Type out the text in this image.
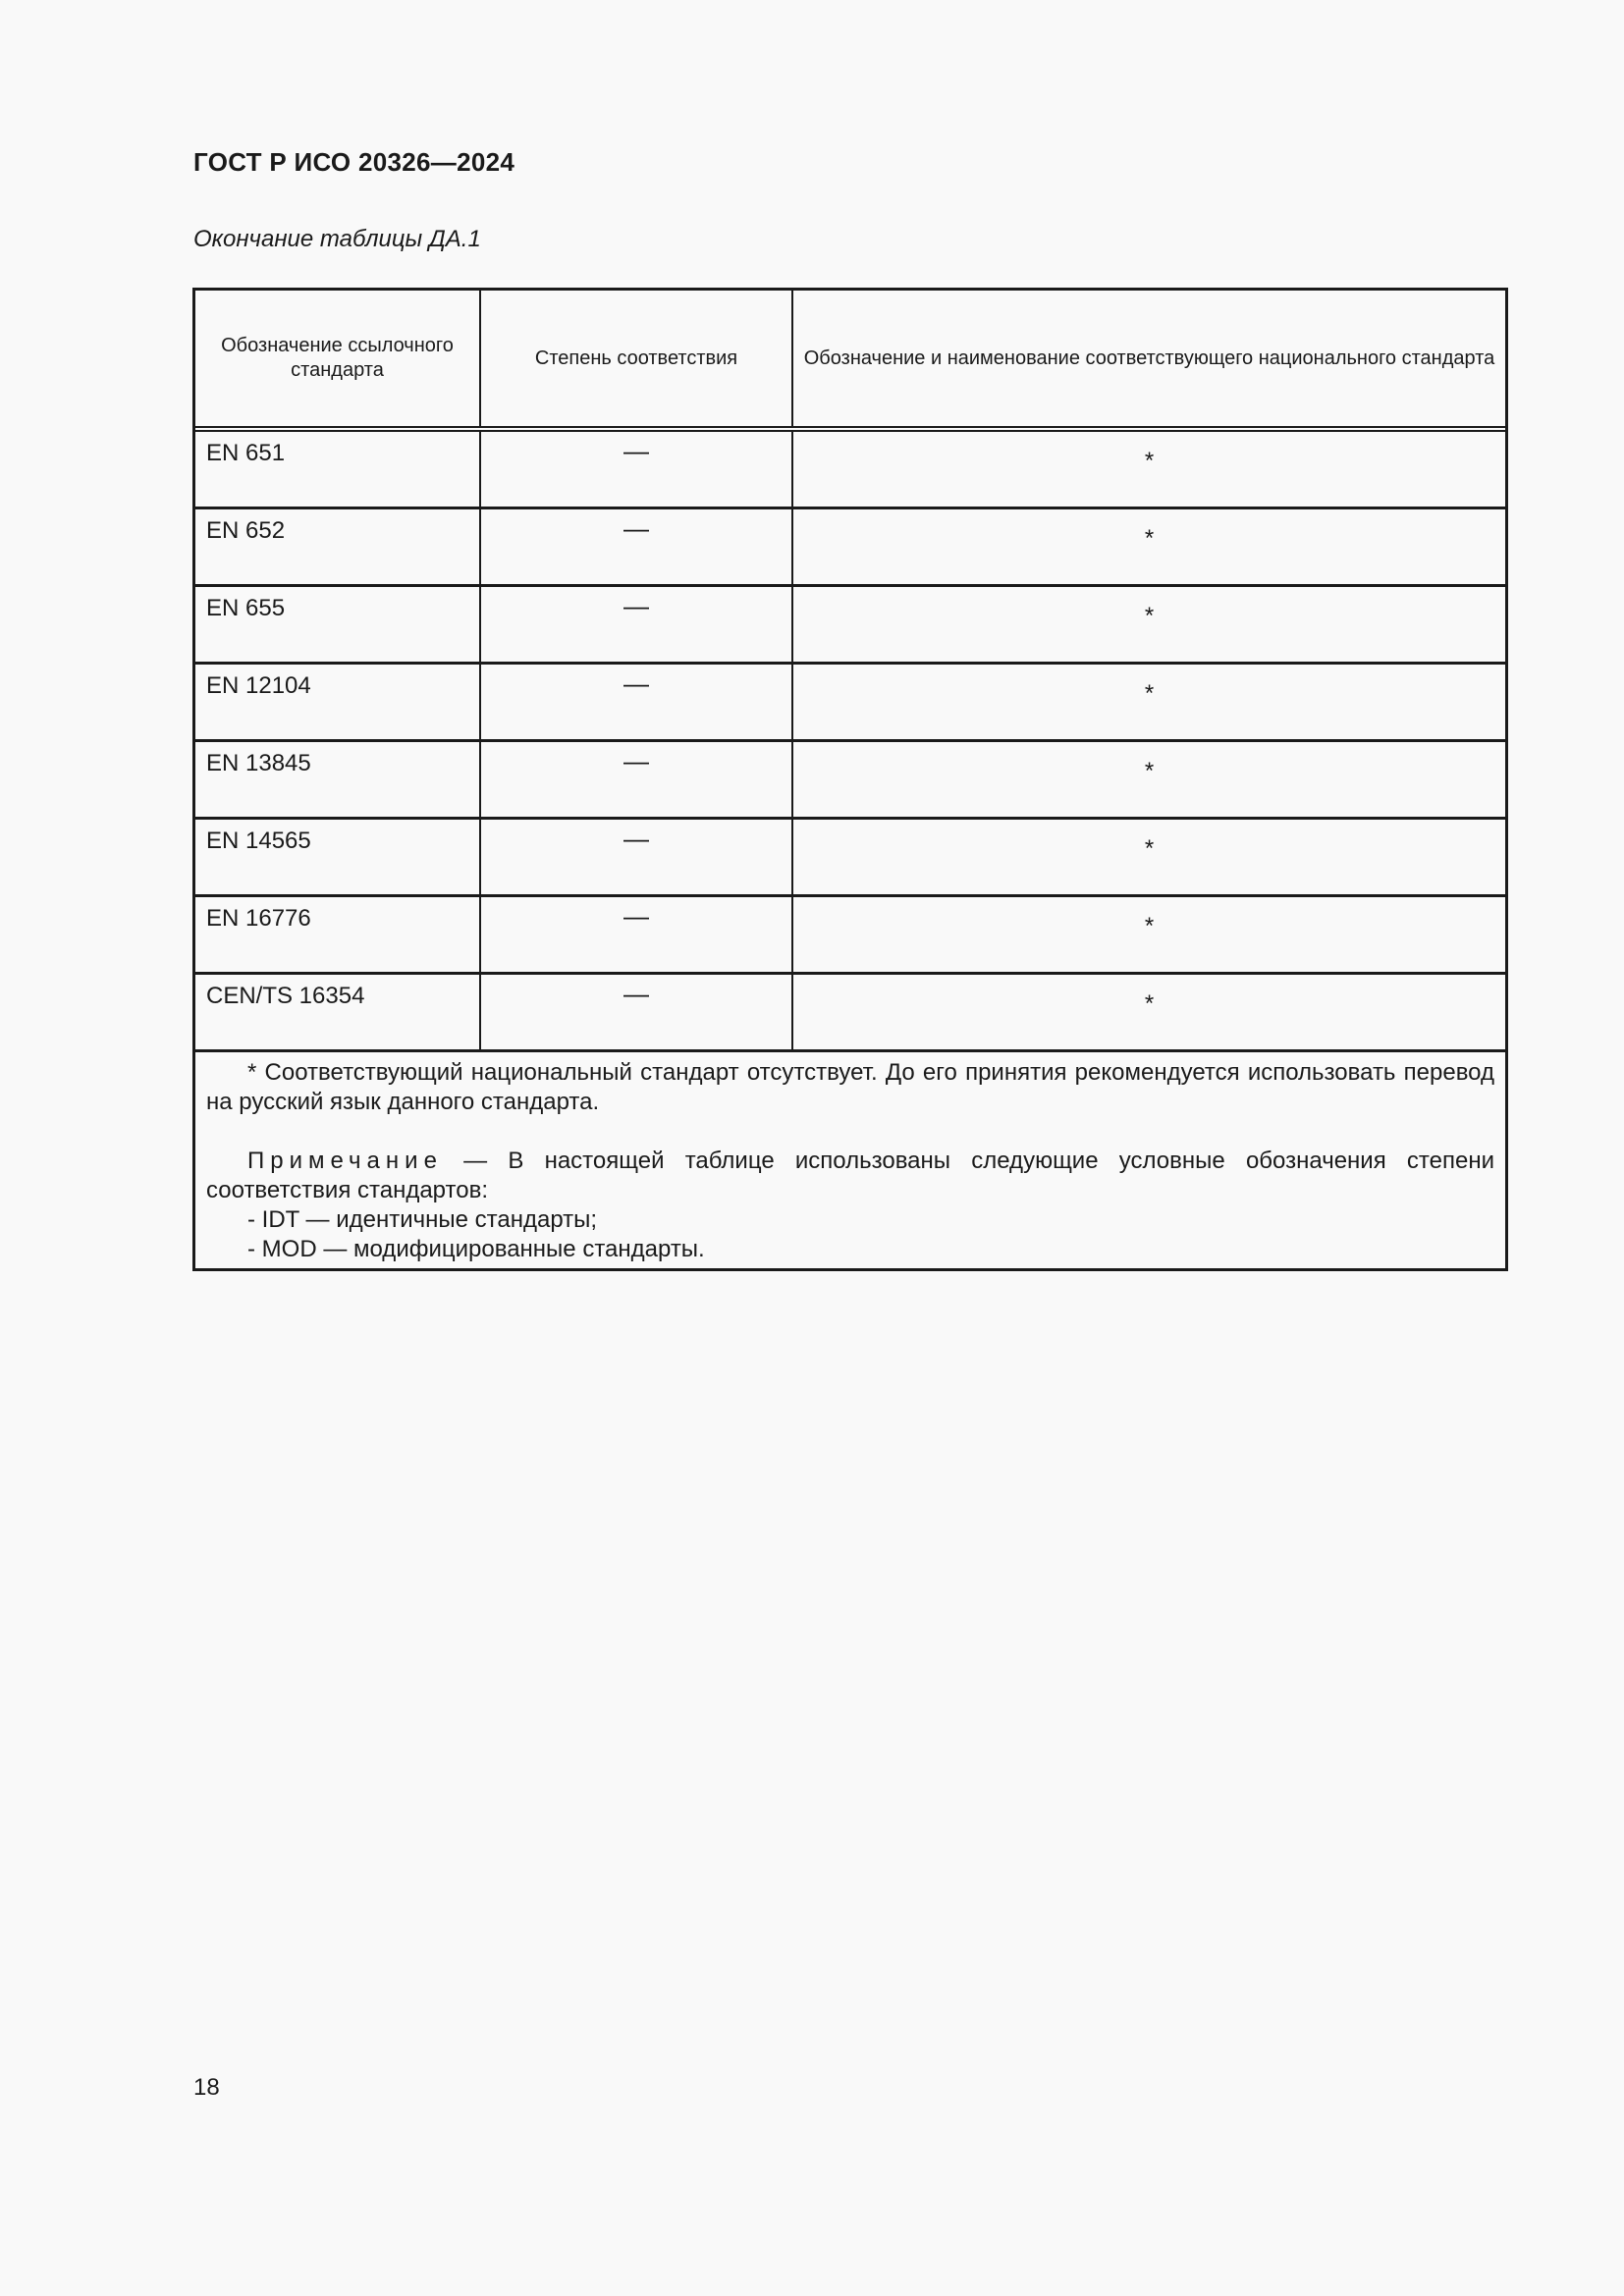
ГОСТ Р ИСО 20326—2024
Окончание таблицы ДА.1
Обозначение ссылочного стандарта	Степень соответствия	Обозначение и наименование соответствующего национального стандарта
EN 651	—	*
EN 652	—	*
EN 655	—	*
EN 12104	—	*
EN 13845	—	*
EN 14565	—	*
EN 16776	—	*
CEN/TS 16354	—	*

* Соответствующий национальный стандарт отсутствует. До его принятия рекомендуется использовать перевод на русский язык данного стандарта.

Примечание — В настоящей таблице использованы следующие условные обозначения степени соответствия стандартов:

- IDT — идентичные стандарты;
- MOD — модифицированные стандарты.
18
